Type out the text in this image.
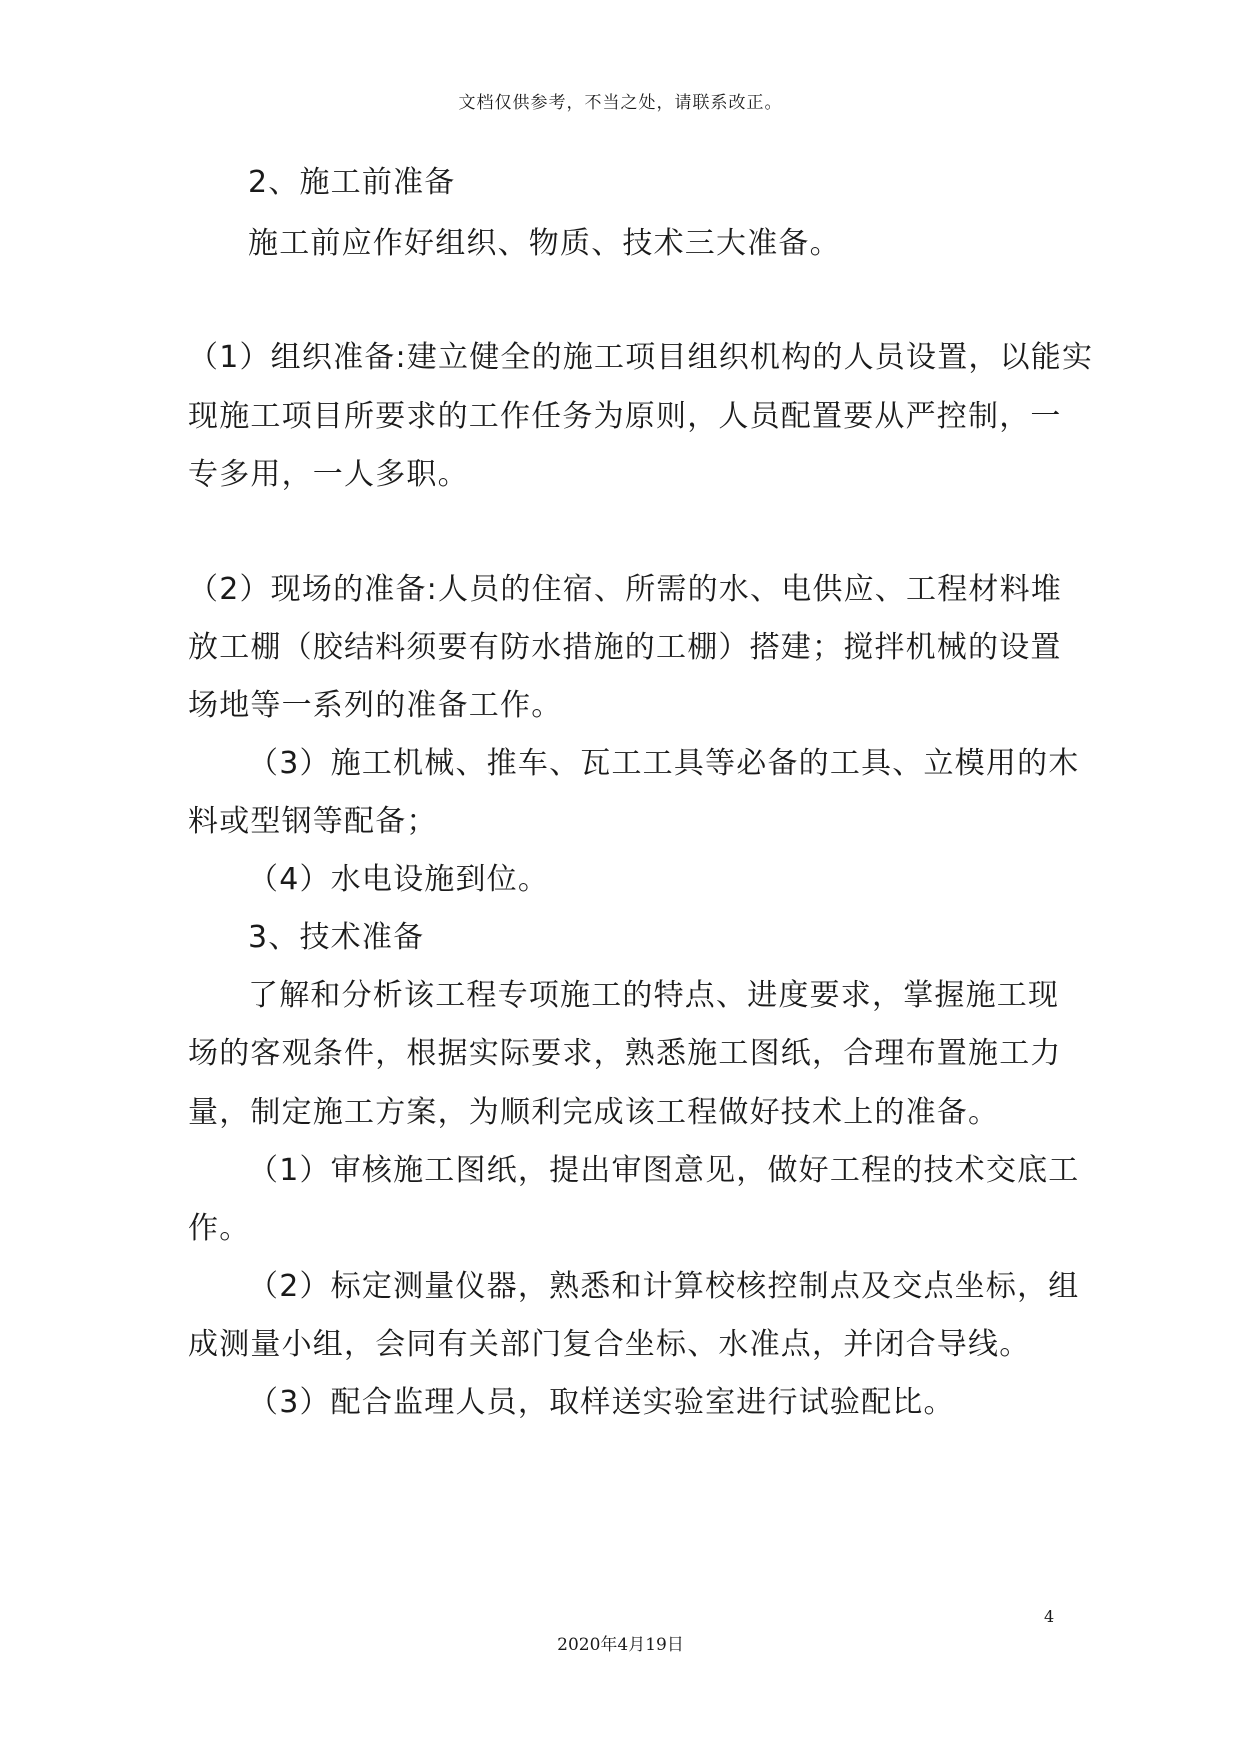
文档仅供参考，不当之处，请联系改正。
2、施工前准备
施工前应作好组织、物质、技术三大准备。
（1）组织准备:建立健全的施工项目组织机构的人员设置，以能实
现施工项目所要求的工作任务为原则，人员配置要从严控制，一
专多用，一人多职。
（2）现场的准备:人员的住宿、所需的水、电供应、工程材料堆
放工棚（胶结料须要有防水措施的工棚）搭建；搅拌机械的设置
场地等一系列的准备工作。
（3）施工机械、推车、瓦工工具等必备的工具、立模用的木
料或型钢等配备；
（4）水电设施到位。
3、技术准备
了解和分析该工程专项施工的特点、进度要求，掌握施工现
场的客观条件，根据实际要求，熟悉施工图纸，合理布置施工力
量，制定施工方案，为顺利完成该工程做好技术上的准备。
（1）审核施工图纸，提出审图意见，做好工程的技术交底工
作。
（2）标定测量仪器，熟悉和计算校核控制点及交点坐标，组
成测量小组，会同有关部门复合坐标、水准点，并闭合导线。
（3）配合监理人员，取样送实验室进行试验配比。
4
2020年4月19日
